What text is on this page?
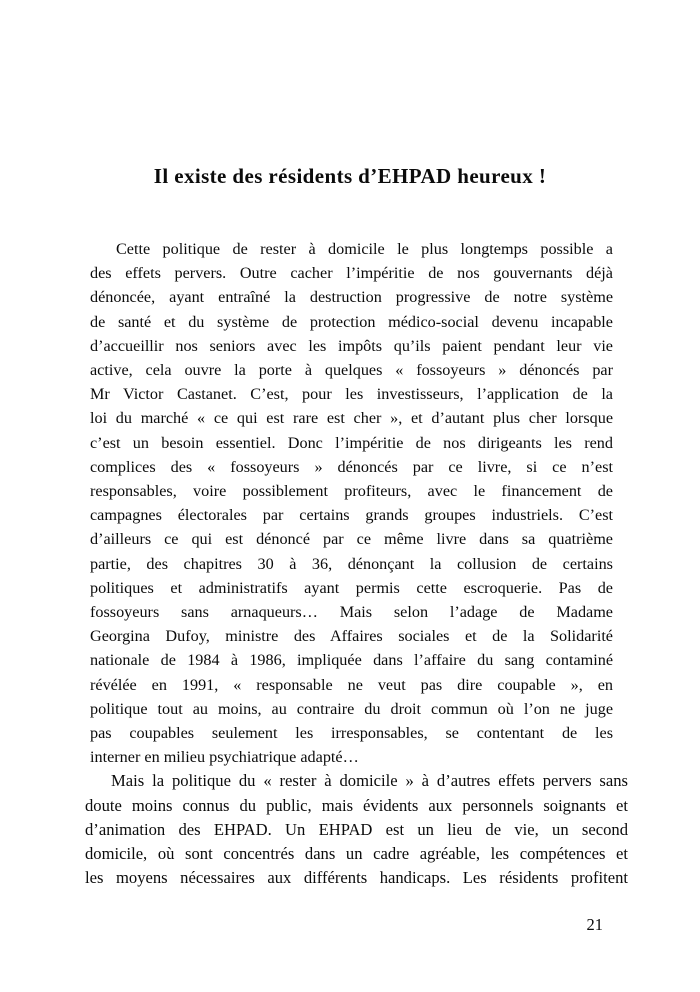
Il existe des résidents d’EHPAD heureux !
Cette politique de rester à domicile le plus longtemps possible a
des effets pervers. Outre cacher l’impéritie de nos gouvernants déjà
dénoncée, ayant entraîné la destruction progressive de notre système
de santé et du système de protection médico-social devenu incapable
d’accueillir nos seniors avec les impôts qu’ils paient pendant leur vie
active, cela ouvre la porte à quelques « fossoyeurs » dénoncés par
Mr Victor Castanet. C’est, pour les investisseurs, l’application de la
loi du marché « ce qui est rare est cher », et d’autant plus cher lorsque
c’est un besoin essentiel. Donc l’impéritie de nos dirigeants les rend
complices des « fossoyeurs » dénoncés par ce livre, si ce n’est
responsables, voire possiblement profiteurs, avec le financement de
campagnes électorales par certains grands groupes industriels. C’est
d’ailleurs ce qui est dénoncé par ce même livre dans sa quatrième
partie, des chapitres 30 à 36, dénonçant la collusion de certains
politiques et administratifs ayant permis cette escroquerie. Pas de
fossoyeurs sans arnaqueurs… Mais selon l’adage de Madame
Georgina Dufoy, ministre des Affaires sociales et de la Solidarité
nationale de 1984 à 1986, impliquée dans l’affaire du sang contaminé
révélée en 1991, « responsable ne veut pas dire coupable », en
politique tout au moins, au contraire du droit commun où l’on ne juge
pas coupables seulement les irresponsables, se contentant de les
interner en milieu psychiatrique adapté…
Mais la politique du « rester à domicile » à d’autres effets pervers sans
doute moins connus du public, mais évidents aux personnels soignants et
d’animation des EHPAD. Un EHPAD est un lieu de vie, un second
domicile, où sont concentrés dans un cadre agréable, les compétences et
les moyens nécessaires aux différents handicaps. Les résidents profitent
21
